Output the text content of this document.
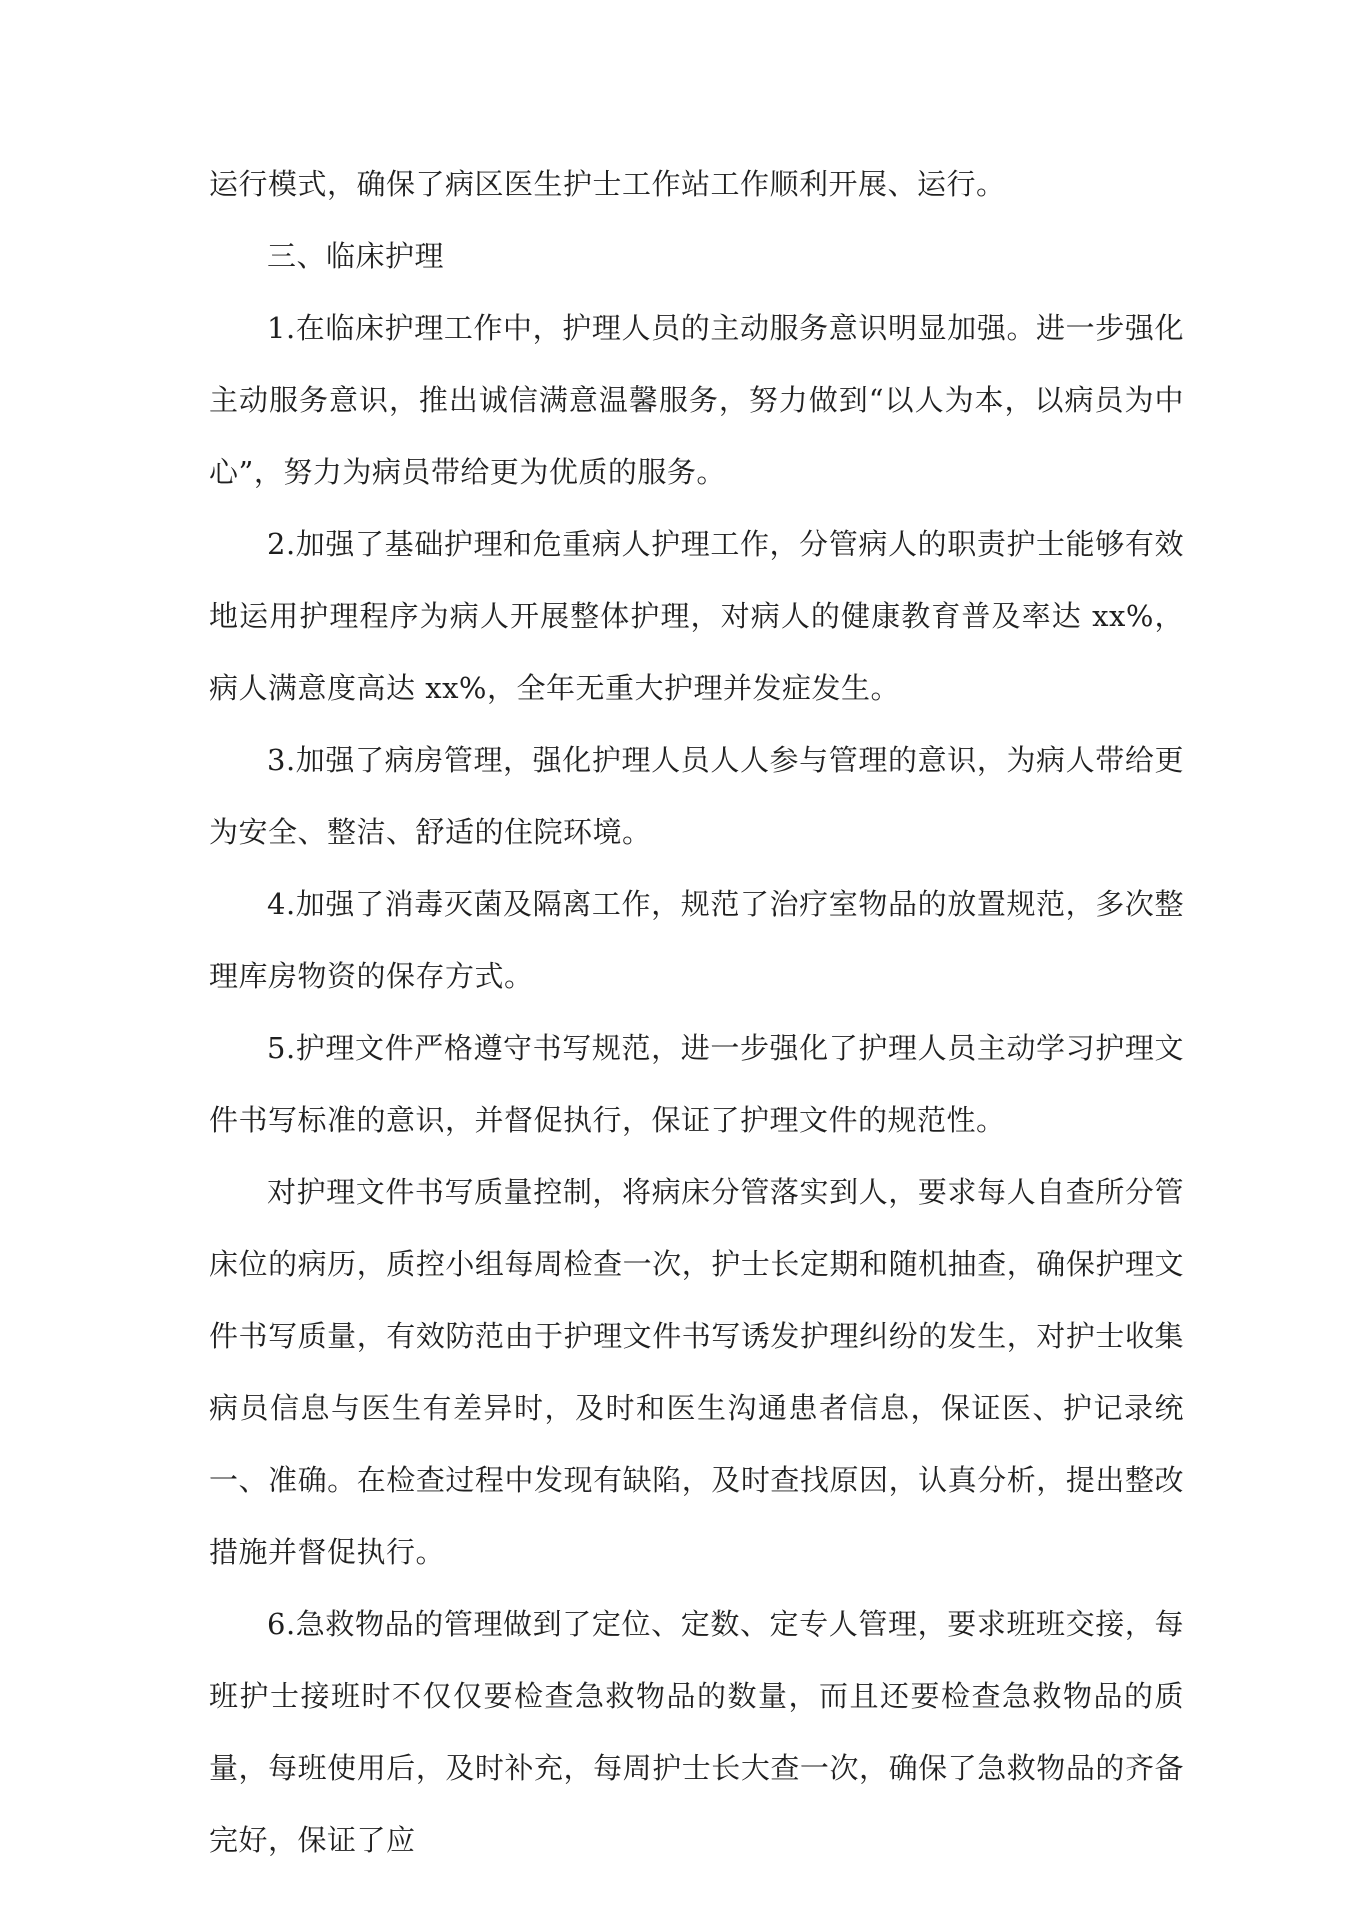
运行模式，确保了病区医生护士工作站工作顺利开展、运行。

三、临床护理

1.在临床护理工作中，护理人员的主动服务意识明显加强。进一步强化主动服务意识，推出诚信满意温馨服务，努力做到“以人为本，以病员为中心”，努力为病员带给更为优质的服务。

2.加强了基础护理和危重病人护理工作，分管病人的职责护士能够有效地运用护理程序为病人开展整体护理，对病人的健康教育普及率达 xx%，病人满意度高达 xx%，全年无重大护理并发症发生。

3.加强了病房管理，强化护理人员人人参与管理的意识，为病人带给更为安全、整洁、舒适的住院环境。

4.加强了消毒灭菌及隔离工作，规范了治疗室物品的放置规范，多次整理库房物资的保存方式。

5.护理文件严格遵守书写规范，进一步强化了护理人员主动学习护理文件书写标准的意识，并督促执行，保证了护理文件的规范性。

对护理文件书写质量控制，将病床分管落实到人，要求每人自查所分管床位的病历，质控小组每周检查一次，护士长定期和随机抽查，确保护理文件书写质量，有效防范由于护理文件书写诱发护理纠纷的发生，对护士收集病员信息与医生有差异时，及时和医生沟通患者信息，保证医、护记录统一、准确。在检查过程中发现有缺陷，及时查找原因，认真分析，提出整改措施并督促执行。

6.急救物品的管理做到了定位、定数、定专人管理，要求班班交接，每班护士接班时不仅仅要检查急救物品的数量，而且还要检查急救物品的质量，每班使用后，及时补充，每周护士长大查一次，确保了急救物品的齐备完好，保证了应
